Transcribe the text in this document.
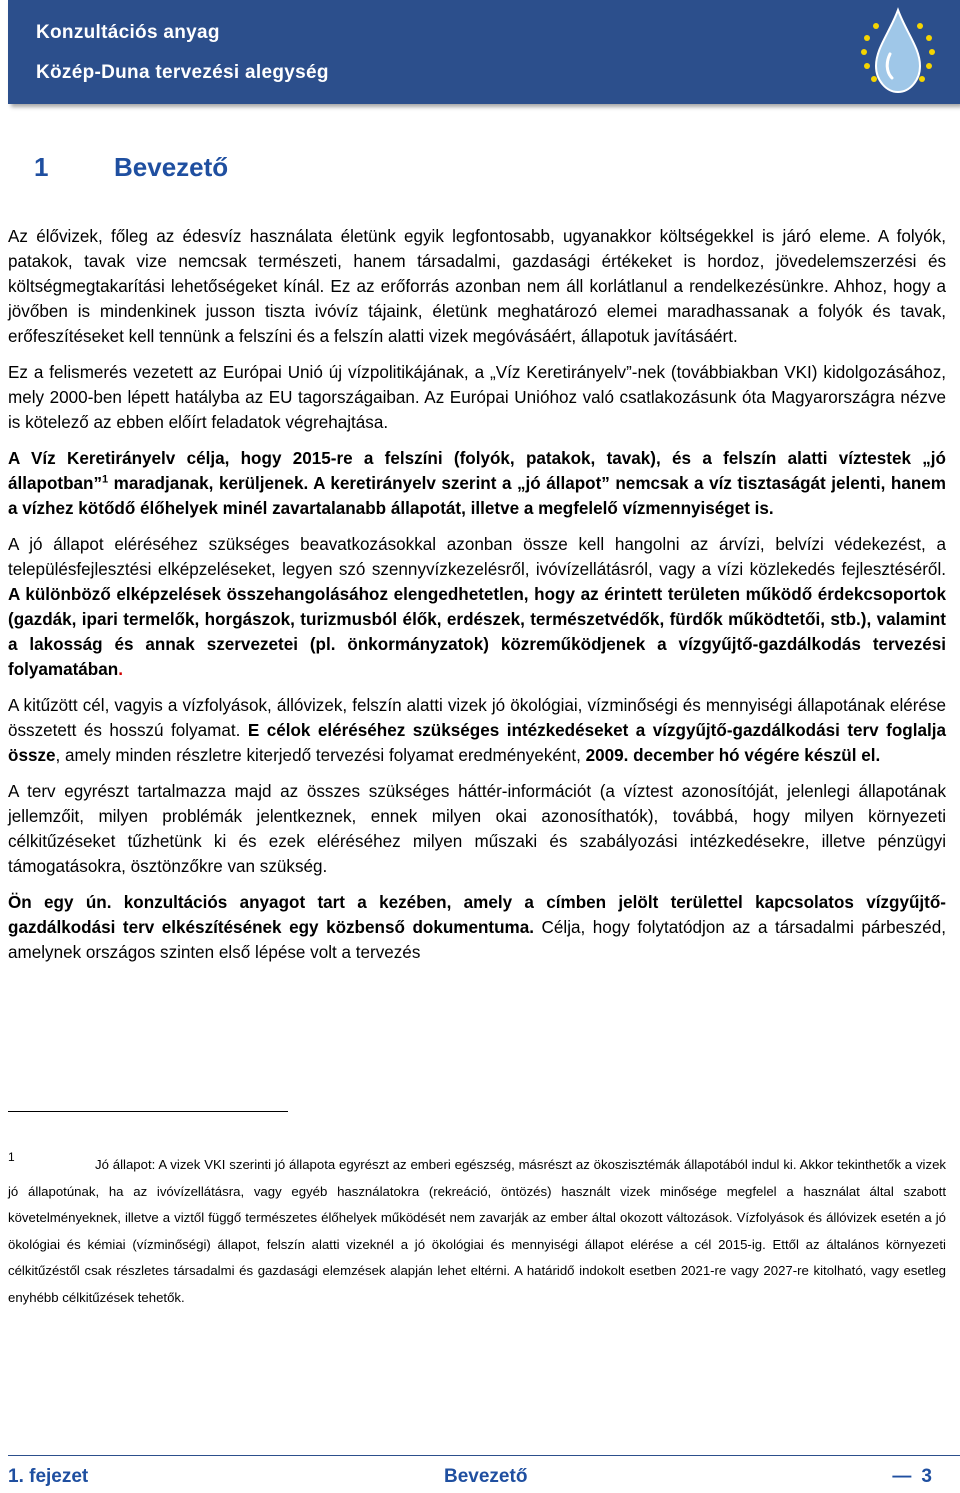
Konzultációs anyag
Közép-Duna tervezési alegység
1	Bevezető

Az élővizek, főleg az édesvíz használata életünk egyik legfontosabb, ugyanakkor költségekkel is járó eleme. A folyók, patakok, tavak vize nemcsak természeti, hanem társadalmi, gazdasági értékeket is hordoz, jövedelemszerzési és költségmegtakarítási lehetőségeket kínál. Ez az erőforrás azonban nem áll korlátlanul a rendelkezésünkre. Ahhoz, hogy a jövőben is mindenkinek jusson tiszta ivóvíz tájaink, életünk meghatározó elemei maradhassanak a folyók és tavak, erőfeszítéseket kell tennünk a felszíni és a felszín alatti vizek megóvásáért, állapotuk javításáért.

Ez a felismerés vezetett az Európai Unió új vízpolitikájának, a „Víz Keretirányelv”-nek (továbbiakban VKI) kidolgozásához, mely 2000-ben lépett hatályba az EU tagországaiban. Az Európai Unióhoz való csatlakozásunk óta Magyarországra nézve is kötelező az ebben előírt feladatok végrehajtása.

A Víz Keretirányelv célja, hogy 2015-re a felszíni (folyók, patakok, tavak), és a felszín alatti víztestek „jó állapotban”$^1$ maradjanak, kerüljenek. A keretirányelv szerint a „jó állapot” nemcsak a víz tisztaságát jelenti, hanem a vízhez kötődő élőhelyek minél zavartalanabb állapotát, illetve a megfelelő vízmennyiséget is.

A jó állapot eléréséhez szükséges beavatkozásokkal azonban össze kell hangolni az árvízi, belvízi védekezést, a településfejlesztési elképzeléseket, legyen szó szennyvízkezelésről, ivóvízellátásról, vagy a vízi közlekedés fejlesztéséről. A különböző elképzelések összehangolásához elengedhetetlen, hogy az érintett területen működő érdekcsoportok (gazdák, ipari termelők, horgászok, turizmusból élők, erdészek, természetvédők, fürdők működtetői, stb.), valamint a lakosság és annak szervezetei (pl. önkormányzatok) közreműködjenek a vízgyűjtő-gazdálkodás tervezési folyamatában.

A kitűzött cél, vagyis a vízfolyások, állóvizek, felszín alatti vizek jó ökológiai, vízminőségi és mennyiségi állapotának elérése összetett és hosszú folyamat. E célok eléréséhez szükséges intézkedéseket a vízgyűjtő-gazdálkodási terv foglalja össze, amely minden részletre kiterjedő tervezési folyamat eredményeként, 2009. december hó végére készül el.

A terv egyrészt tartalmazza majd az összes szükséges háttér-információt (a víztest azonosítóját, jelenlegi állapotának jellemzőit, milyen problémák jelentkeznek, ennek milyen okai azonosíthatók), továbbá, hogy milyen környezeti célkitűzéseket tűzhetünk ki és ezek eléréséhez milyen műszaki és szabályozási intézkedésekre, illetve pénzügyi támogatásokra, ösztönzőkre van szükség.

Ön egy ún. konzultációs anyagot tart a kezében, amely a címben jelölt területtel kapcsolatos vízgyűjtő-gazdálkodási terv elkészítésének egy közbenső dokumentuma. Célja, hogy folytatódjon az a társadalmi párbeszéd, amelynek országos szinten első lépése volt a tervezés

1	Jó állapot: A vizek VKI szerinti jó állapota egyrészt az emberi egészség, másrészt az ökoszisztémák állapotából indul ki. Akkor tekinthetők a vizek jó állapotúnak, ha az ivóvízellátásra, vagy egyéb használatokra (rekreáció, öntözés) használt vizek minősége megfelel a használat által szabott követelményeknek, illetve a viztől függő természetes élőhelyek működését nem zavarják az ember által okozott változások. Vízfolyások és állóvizek esetén a jó ökológiai és kémiai (vízminőségi) állapot, felszín alatti vizeknél a jó ökológiai és mennyiségi állapot elérése a cél 2015-ig. Ettől az általános környezeti célkitűzéstől csak részletes társadalmi és gazdasági elemzések alapján lehet eltérni. A határidő indokolt esetben 2021-re vagy 2027-re kitolható, vagy esetleg enyhébb célkitűzések tehetők.
1. fejezet	Bevezető	— 3
